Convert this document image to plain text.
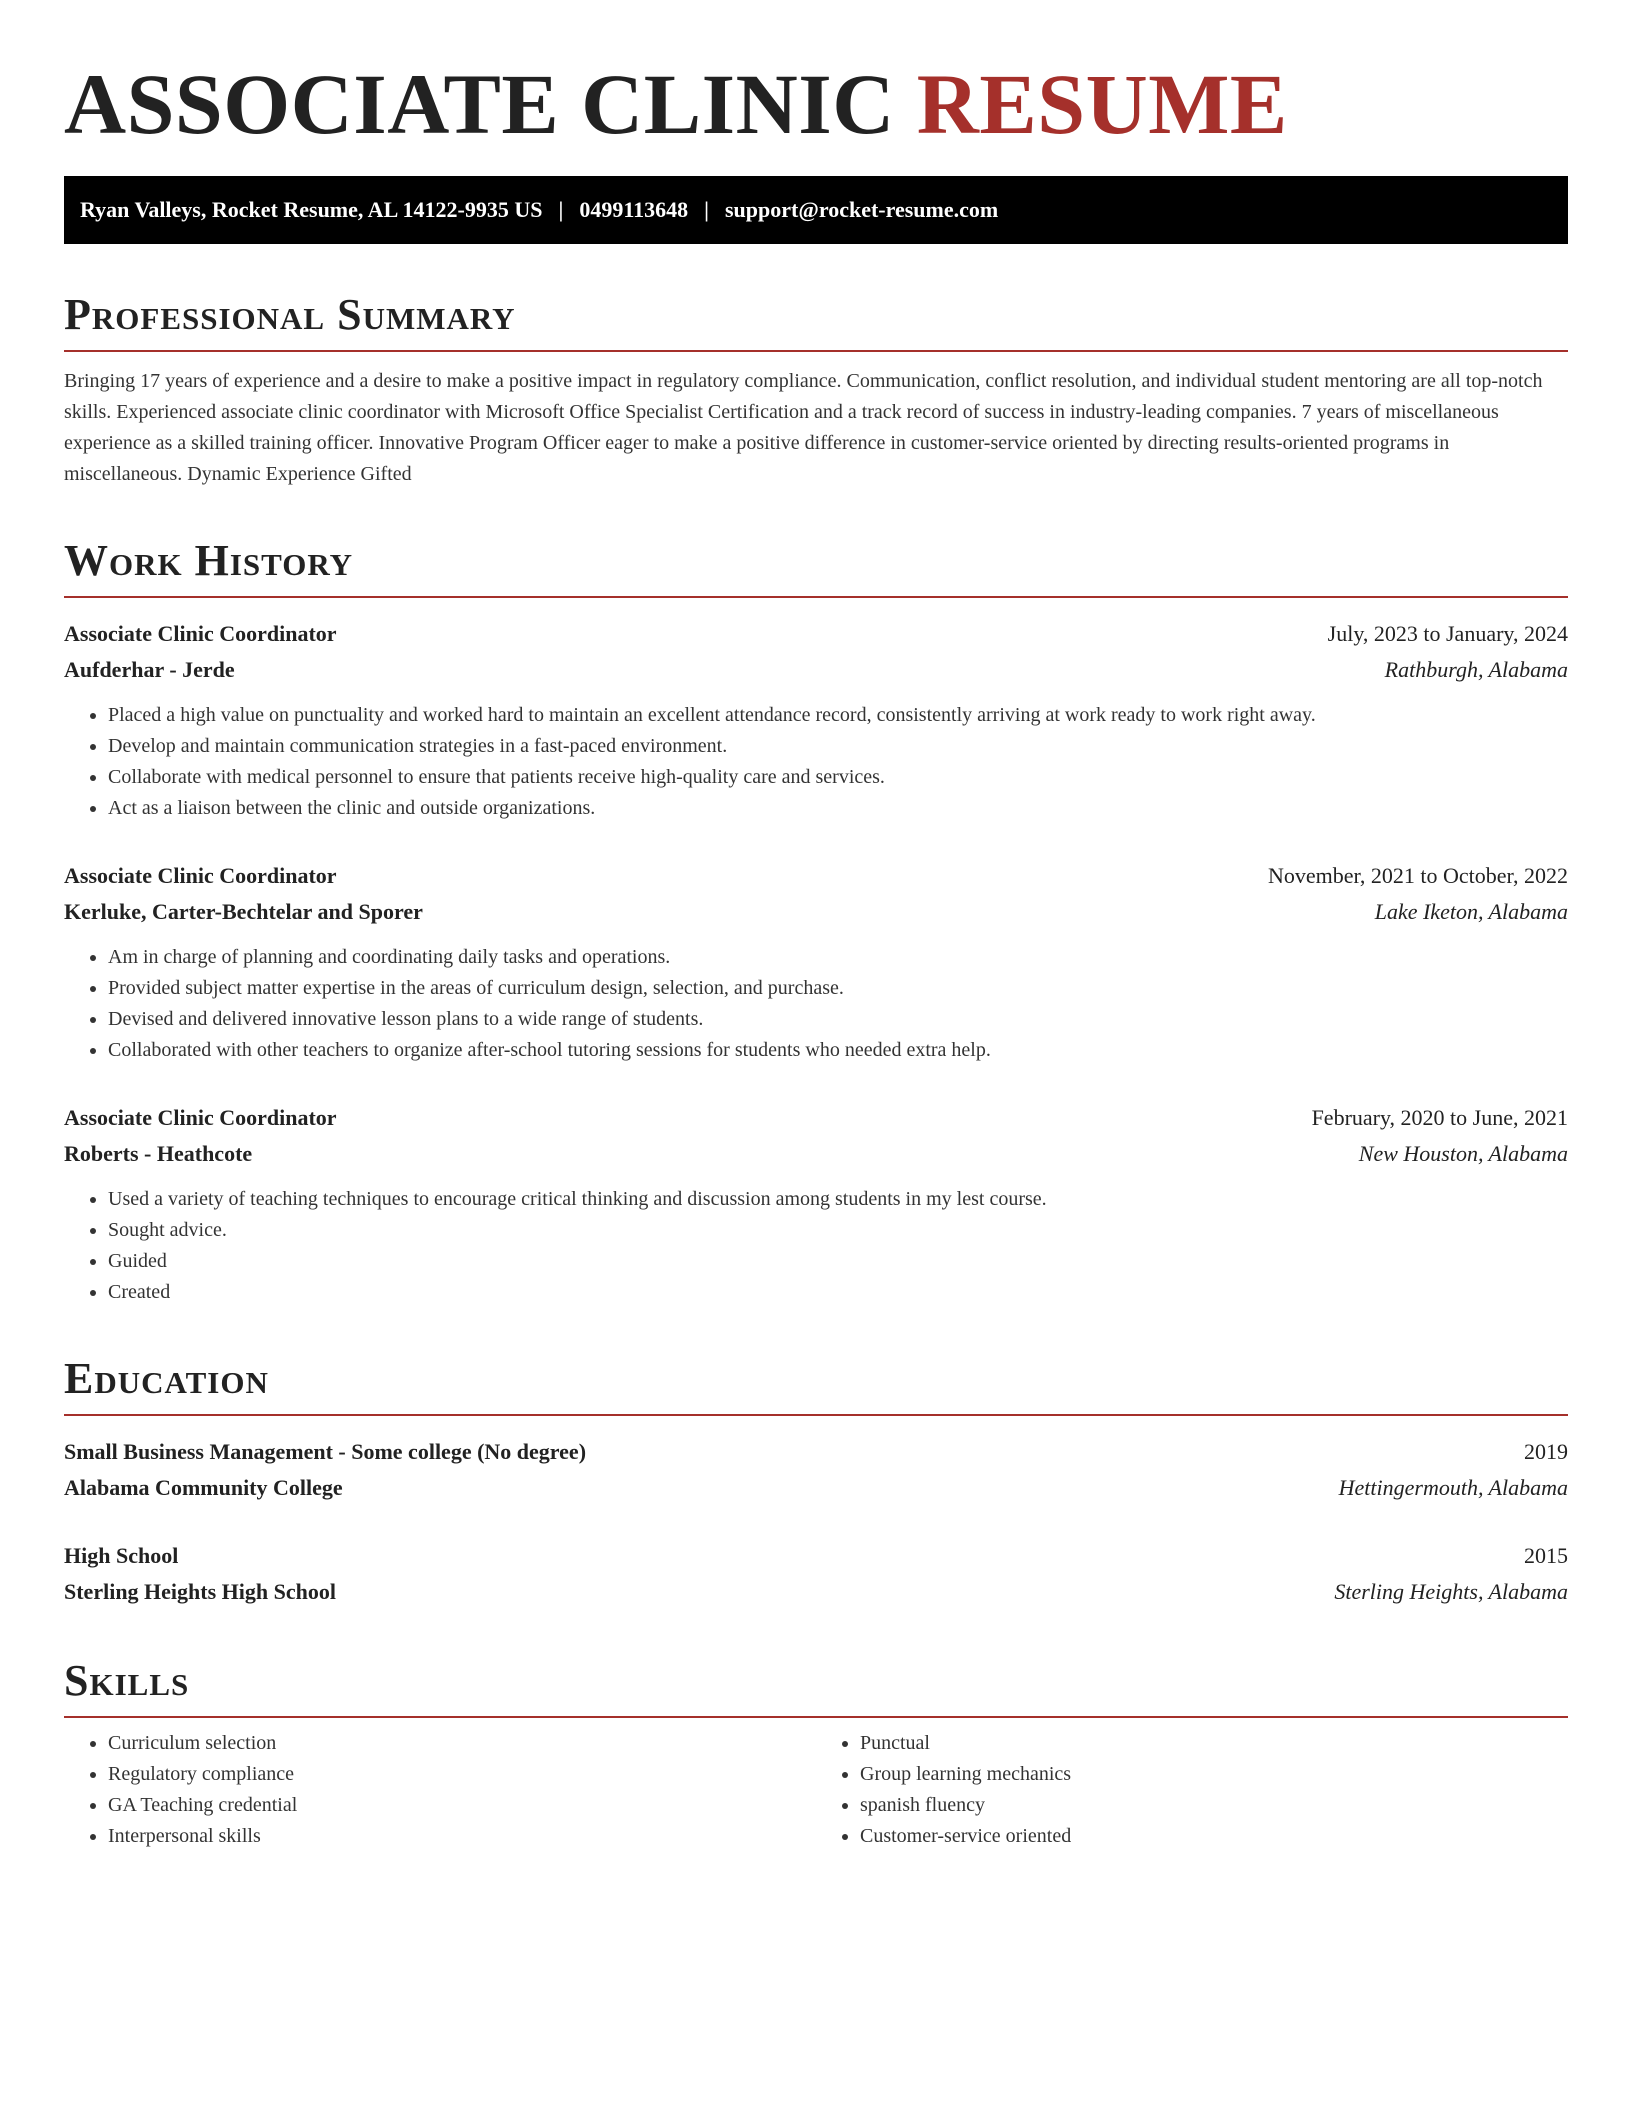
ASSOCIATE CLINIC RESUME
Ryan Valleys, Rocket Resume, AL 14122-9935 US | 0499113648 | support@rocket-resume.com
Professional Summary

Bringing 17 years of experience and a desire to make a positive impact in regulatory compliance. Communication, conflict resolution, and individual student mentoring are all top-notch skills. Experienced associate clinic coordinator with Microsoft Office Specialist Certification and a track record of success in industry-leading companies. 7 years of miscellaneous experience as a skilled training officer. Innovative Program Officer eager to make a positive difference in customer-service oriented by directing results-oriented programs in miscellaneous. Dynamic Experience Gifted

Work History
Associate Clinic Coordinator	July, 2023 to January, 2024
Aufderhar - Jerde	Rathburgh, Alabama
• Placed a high value on punctuality and worked hard to maintain an excellent attendance record, consistently arriving at work ready to work right away.
• Develop and maintain communication strategies in a fast-paced environment.
• Collaborate with medical personnel to ensure that patients receive high-quality care and services.
• Act as a liaison between the clinic and outside organizations.
Associate Clinic Coordinator	November, 2021 to October, 2022
Kerluke, Carter-Bechtelar and Sporer	Lake Iketon, Alabama
• Am in charge of planning and coordinating daily tasks and operations.
• Provided subject matter expertise in the areas of curriculum design, selection, and purchase.
• Devised and delivered innovative lesson plans to a wide range of students.
• Collaborated with other teachers to organize after-school tutoring sessions for students who needed extra help.
Associate Clinic Coordinator	February, 2020 to June, 2021
Roberts - Heathcote	New Houston, Alabama
• Used a variety of teaching techniques to encourage critical thinking and discussion among students in my lest course.
• Sought advice.
• Guided
• Created
Education
Small Business Management - Some college (No degree)	2019
Alabama Community College	Hettingermouth, Alabama
High School	2015
Sterling Heights High School	Sterling Heights, Alabama
Skills
• Curriculum selection
• Regulatory compliance
• GA Teaching credential
• Interpersonal skills
• Punctual
• Group learning mechanics
• spanish fluency
• Customer-service oriented
